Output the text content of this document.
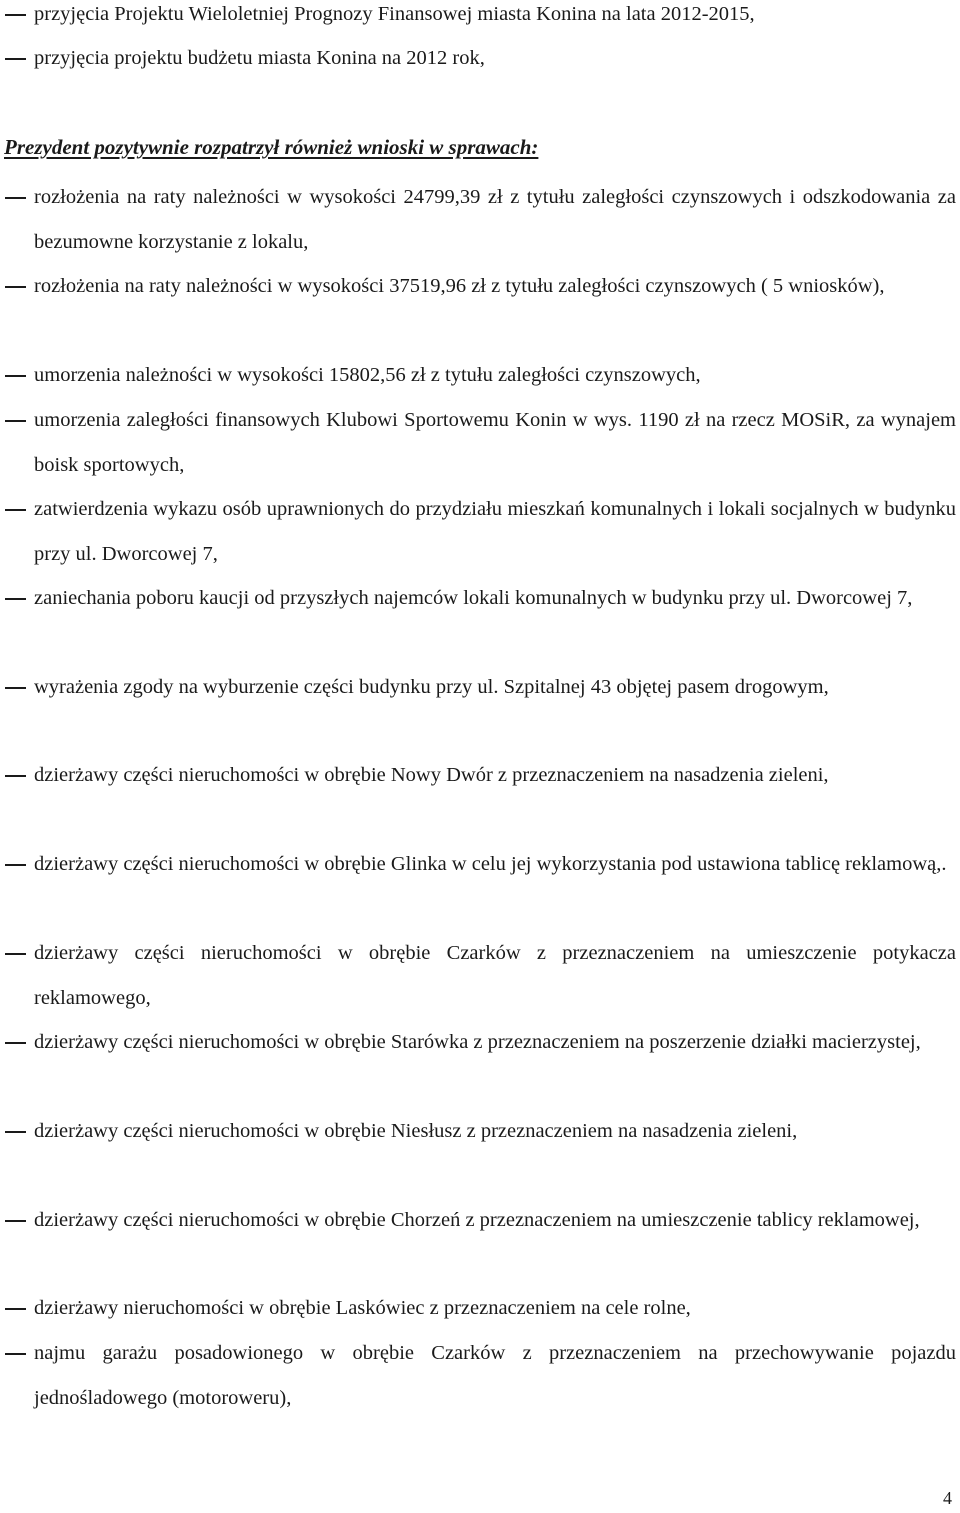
przyjęcia Projektu Wieloletniej Prognozy Finansowej miasta Konina na lata 2012-2015,
przyjęcia projektu budżetu miasta Konina na 2012 rok,
Prezydent pozytywnie rozpatrzył również wnioski w sprawach:
rozłożenia na raty należności w wysokości 24799,39 zł z tytułu zaległości czynszowych i odszkodowania za bezumowne korzystanie z lokalu,
rozłożenia na raty należności w wysokości 37519,96 zł z tytułu zaległości czynszowych ( 5 wniosków),
umorzenia należności w wysokości 15802,56 zł z tytułu zaległości czynszowych,
umorzenia zaległości finansowych Klubowi Sportowemu Konin w wys. 1190 zł na rzecz MOSiR, za wynajem boisk sportowych,
zatwierdzenia wykazu osób uprawnionych do przydziału mieszkań komunalnych i lokali socjalnych w budynku przy ul. Dworcowej 7,
zaniechania poboru kaucji od przyszłych najemców lokali komunalnych w budynku przy ul. Dworcowej 7,
wyrażenia zgody na wyburzenie części budynku przy ul. Szpitalnej 43 objętej pasem drogowym,
dzierżawy części nieruchomości w obrębie Nowy Dwór z przeznaczeniem na nasadzenia zieleni,
dzierżawy części nieruchomości w obrębie Glinka w celu jej wykorzystania pod ustawiona tablicę reklamową,.
dzierżawy części nieruchomości w obrębie Czarków z przeznaczeniem na umieszczenie potykacza reklamowego,
dzierżawy części nieruchomości w obrębie Starówka z przeznaczeniem na poszerzenie działki macierzystej,
dzierżawy części nieruchomości w obrębie Niesłusz z przeznaczeniem na nasadzenia zieleni,
dzierżawy części nieruchomości w obrębie Chorzeń z przeznaczeniem na umieszczenie tablicy reklamowej,
dzierżawy nieruchomości w obrębie Laskówiec z przeznaczeniem na cele rolne,
najmu garażu posadowionego w obrębie Czarków z przeznaczeniem na przechowywanie pojazdu jednośladowego (motoroweru),
4
